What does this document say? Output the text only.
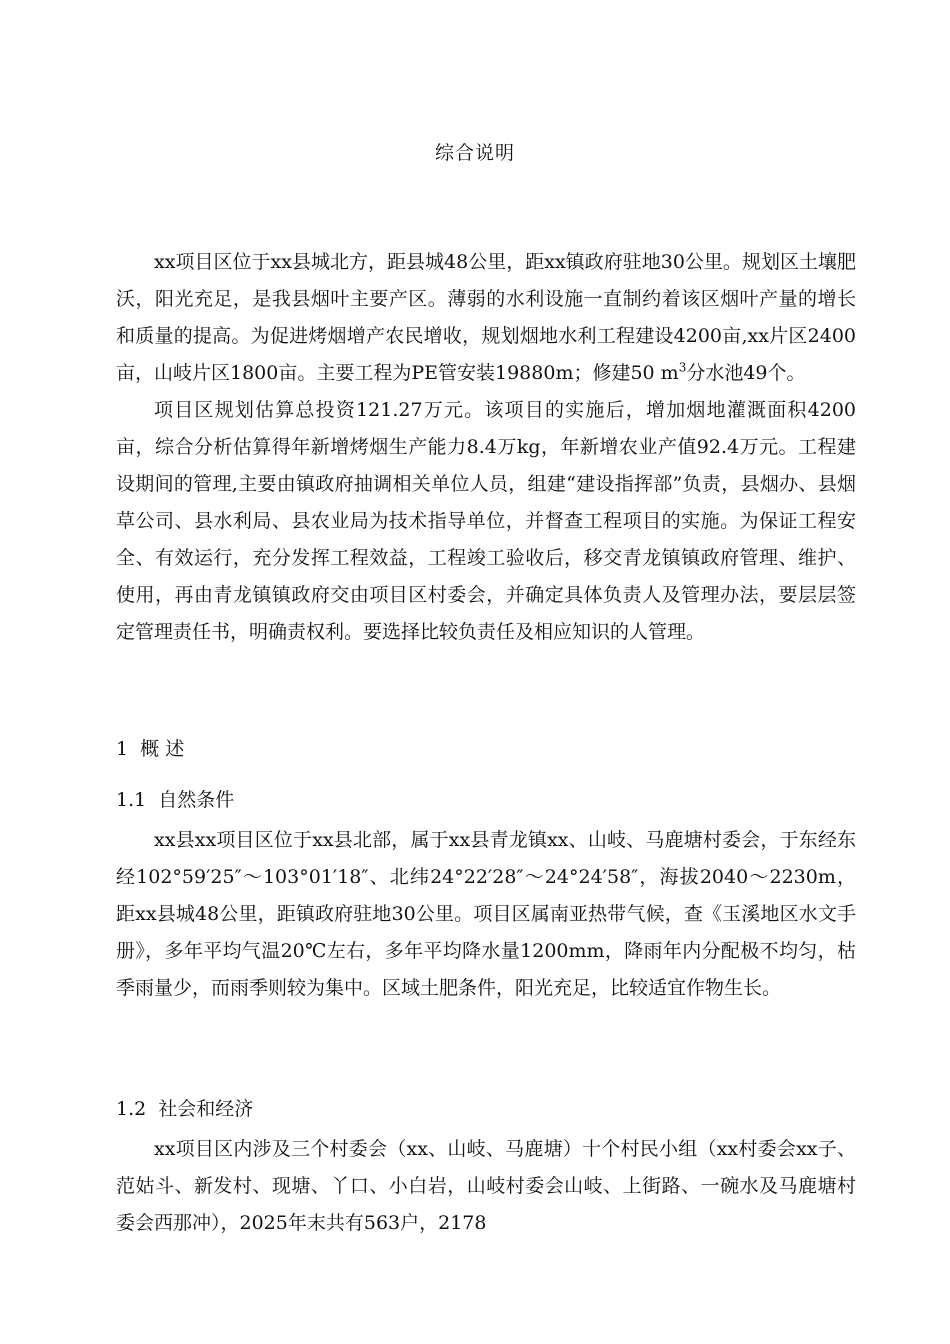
综合说明

xx项目区位于xx县城北方，距县城48公里，距xx镇政府驻地30公里。规划区土壤肥沃，阳光充足，是我县烟叶主要产区。薄弱的水利设施一直制约着该区烟叶产量的增长和质量的提高。为促进烤烟增产农民增收，规划烟地水利工程建设4200亩,xx片区2400亩，山岐片区1800亩。主要工程为PE管安装19880m；修建50 $m^3$分水池49个。

项目区规划估算总投资121.27万元。该项目的实施后，增加烟地灌溉面积4200亩，综合分析估算得年新增烤烟生产能力8.4万kg，年新增农业产值92.4万元。工程建设期间的管理,主要由镇政府抽调相关单位人员，组建“建设指挥部”负责，县烟办、县烟草公司、县水利局、县农业局为技术指导单位，并督查工程项目的实施。为保证工程安全、有效运行，充分发挥工程效益，工程竣工验收后，移交青龙镇镇政府管理、维护、使用，再由青龙镇镇政府交由项目区村委会，并确定具体负责人及管理办法，要层层签定管理责任书，明确责权利。要选择比较负责任及相应知识的人管理。

1  概 述
1.1  自然条件

xx县xx项目区位于xx县北部，属于xx县青龙镇xx、山岐、马鹿塘村委会，于东经东经102°59′25″～103°01′18″、北纬24°22′28″～24°24′58″，海拔2040～2230m，距xx县城48公里，距镇政府驻地30公里。项目区属南亚热带气候，查《玉溪地区水文手册》，多年平均气温20℃左右，多年平均降水量1200mm，降雨年内分配极不均匀，枯季雨量少，而雨季则较为集中。区域土肥条件，阳光充足，比较适宜作物生长。

1.2  社会和经济

xx项目区内涉及三个村委会（xx、山岐、马鹿塘）十个村民小组（xx村委会xx子、范姑斗、新发村、现塘、丫口、小白岩，山岐村委会山岐、上街路、一碗水及马鹿塘村委会西那冲），2025年末共有563户，2178
